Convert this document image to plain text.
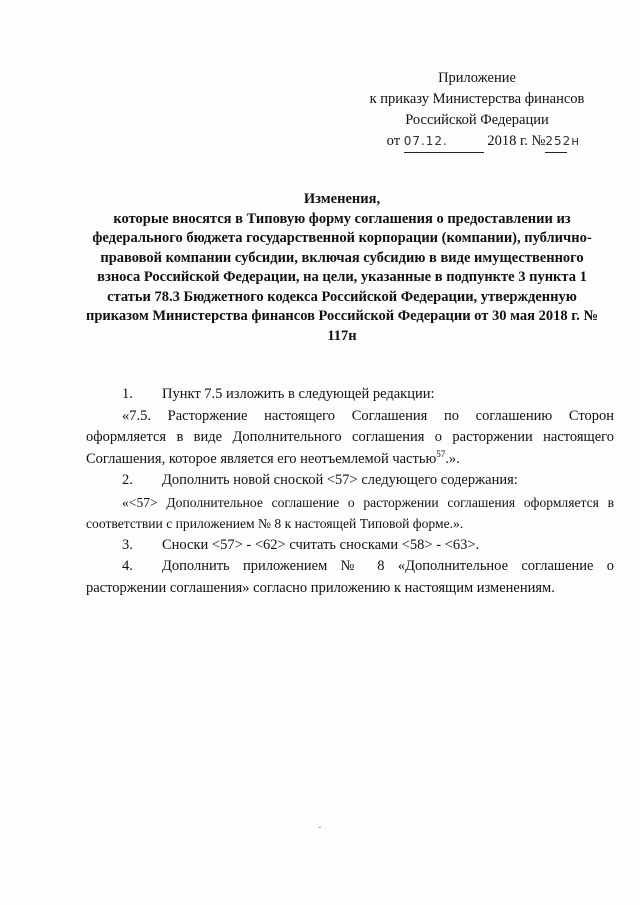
Приложение
к приказу Министерства финансов
Российской Федерации
от 07.12.	2018 г. №252н
Изменения,
которые вносятся в Типовую форму соглашения о предоставлении из федерального бюджета государственной корпорации (компании), публично-правовой компании субсидии, включая субсидию в виде имущественного взноса Российской Федерации, на цели, указанные в подпункте 3 пункта 1 статьи 78.3 Бюджетного кодекса Российской Федерации, утвержденную приказом Министерства финансов Российской Федерации от 30 мая 2018 г. № 117н

1. Пункт 7.5 изложить в следующей редакции:

«7.5. Расторжение настоящего Соглашения по соглашению Сторон оформляется в виде Дополнительного соглашения о расторжении настоящего Соглашения, которое является его неотъемлемой частью$^{57}$.».

2. Дополнить новой сноской <57> следующего содержания:

«<57> Дополнительное соглашение о расторжении соглашения оформляется в соответствии с приложением № 8 к настоящей Типовой форме.».

3. Сноски <57> - <62> считать сносками <58> - <63>.

4. Дополнить приложением № 8 «Дополнительное соглашение о расторжении соглашения» согласно приложению к настоящим изменениям.

ˇ
